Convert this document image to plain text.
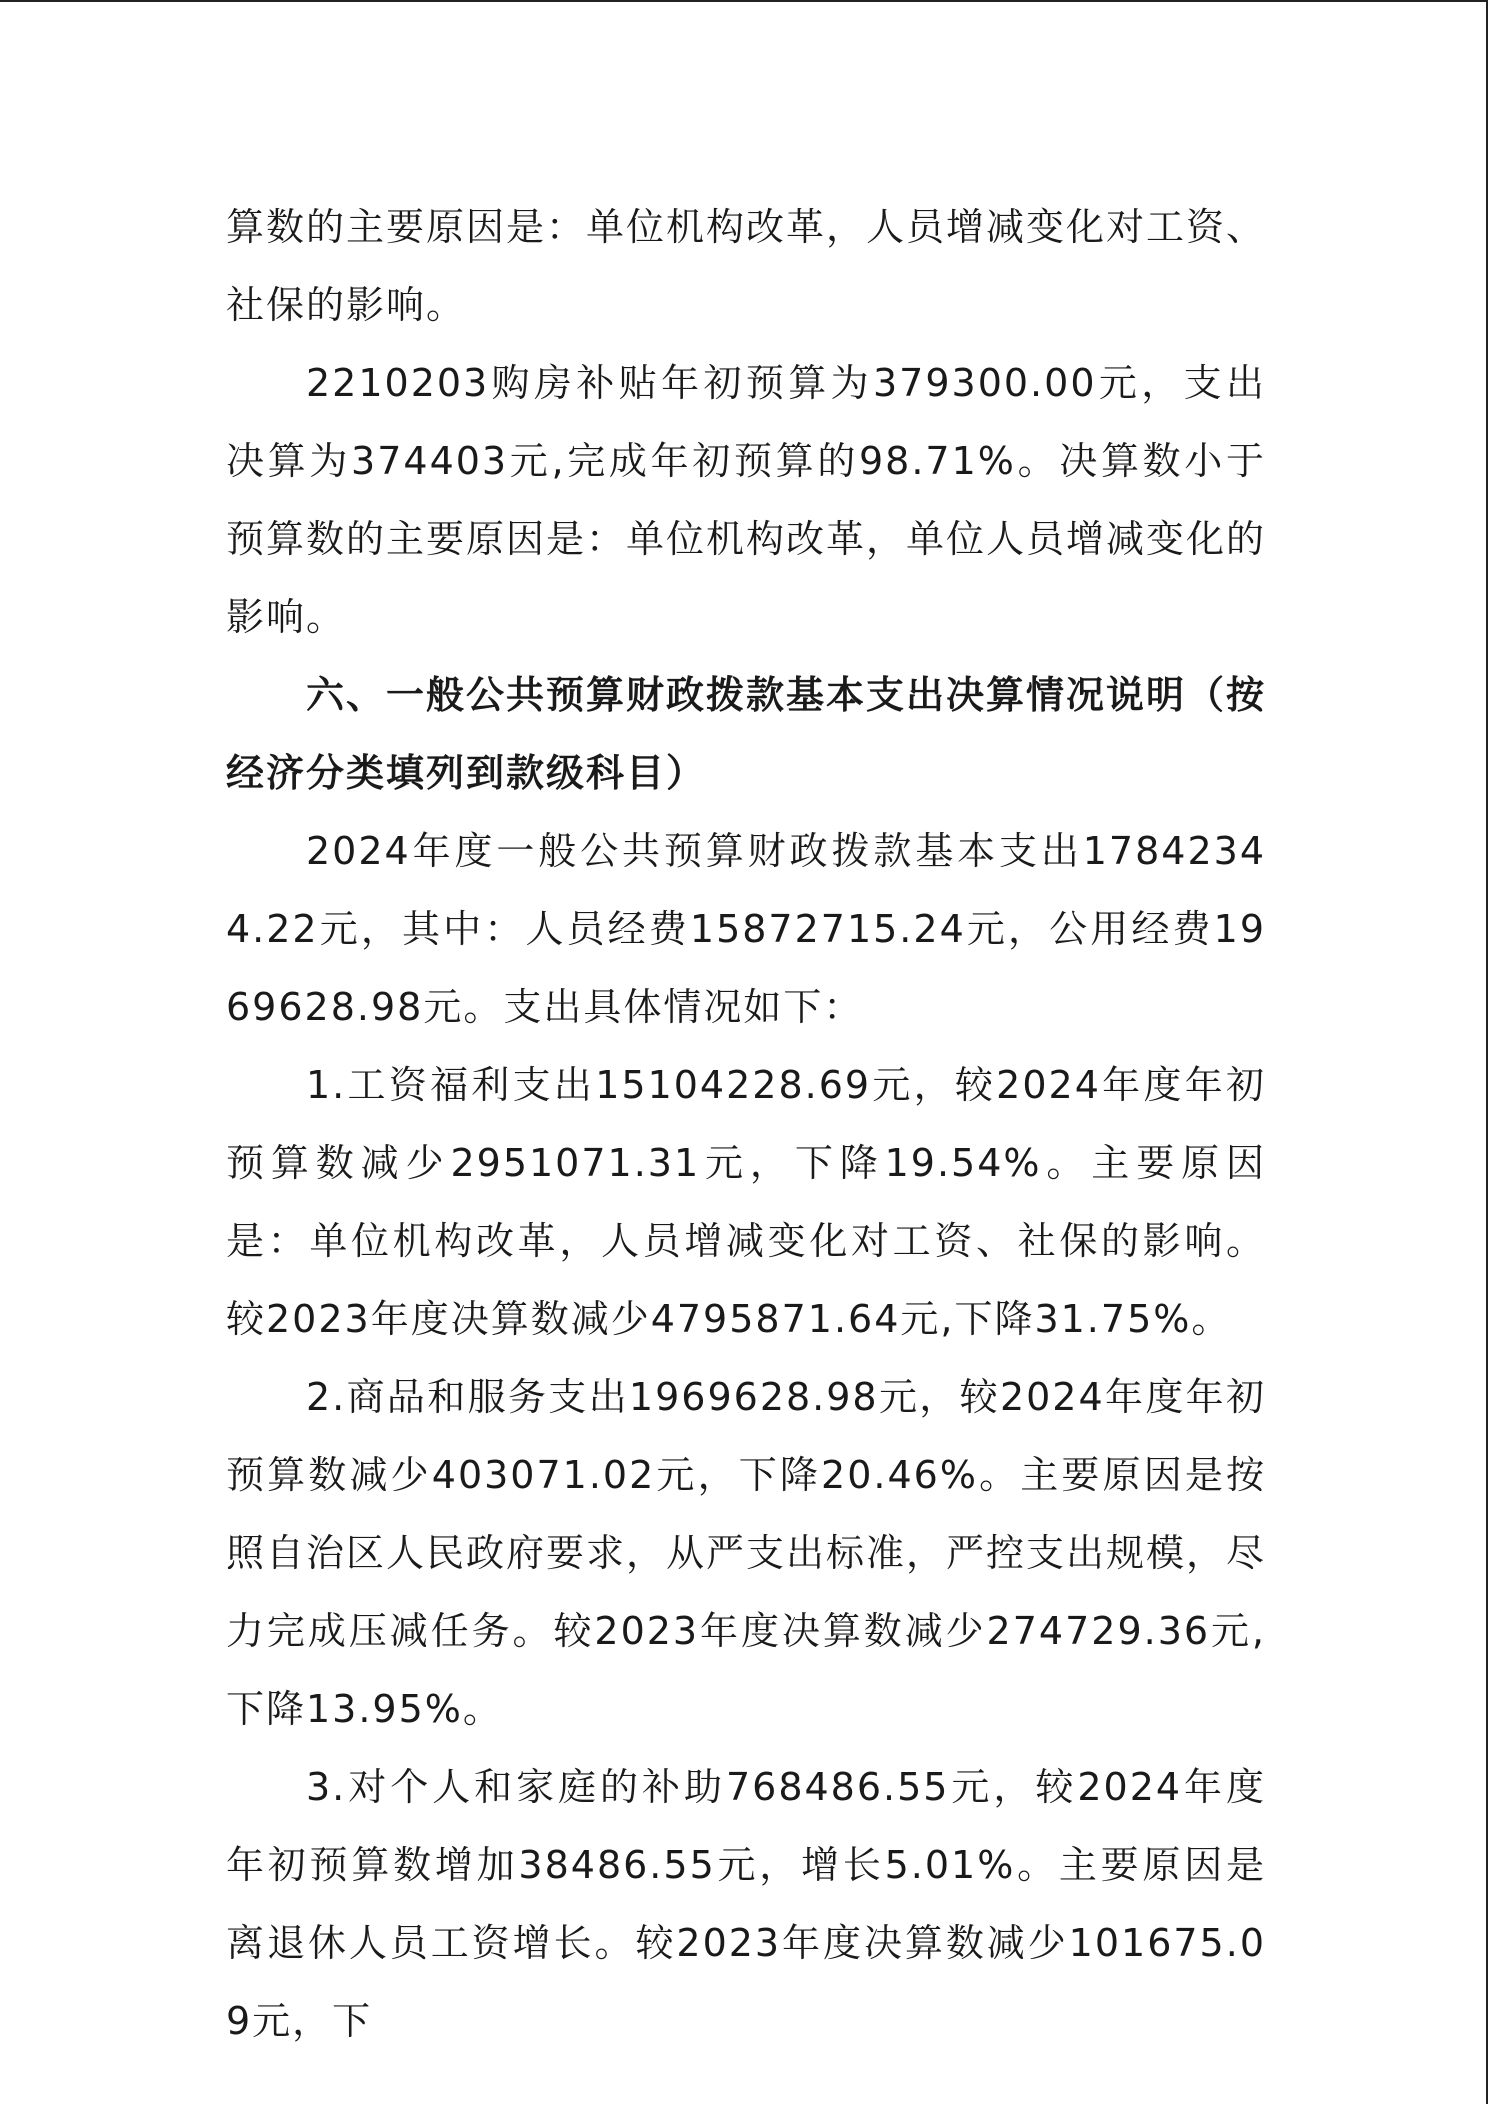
算数的主要原因是：单位机构改革，人员增减变化对工资、社保的影响。

2210203购房补贴年初预算为379300.00元，支出决算为374403元,完成年初预算的98.71%。决算数小于预算数的主要原因是：单位机构改革，单位人员增减变化的影响。

六、一般公共预算财政拨款基本支出决算情况说明（按经济分类填列到款级科目）

2024年度一般公共预算财政拨款基本支出17842344.22元，其中：人员经费15872715.24元，公用经费1969628.98元。支出具体情况如下：

1.工资福利支出15104228.69元，较2024年度年初预算数减少2951071.31元，下降19.54%。主要原因是：单位机构改革，人员增减变化对工资、社保的影响。 较2023年度决算数减少4795871.64元,下降31.75%。

2.商品和服务支出1969628.98元，较2024年度年初预算数减少403071.02元，下降20.46%。主要原因是按照自治区人民政府要求，从严支出标准，严控支出规模，尽力完成压减任务。较2023年度决算数减少274729.36元,下降13.95%。

3.对个人和家庭的补助768486.55元，较2024年度年初预算数增加38486.55元，增长5.01%。主要原因是离退休人员工资增长。较2023年度决算数减少101675.09元，下
